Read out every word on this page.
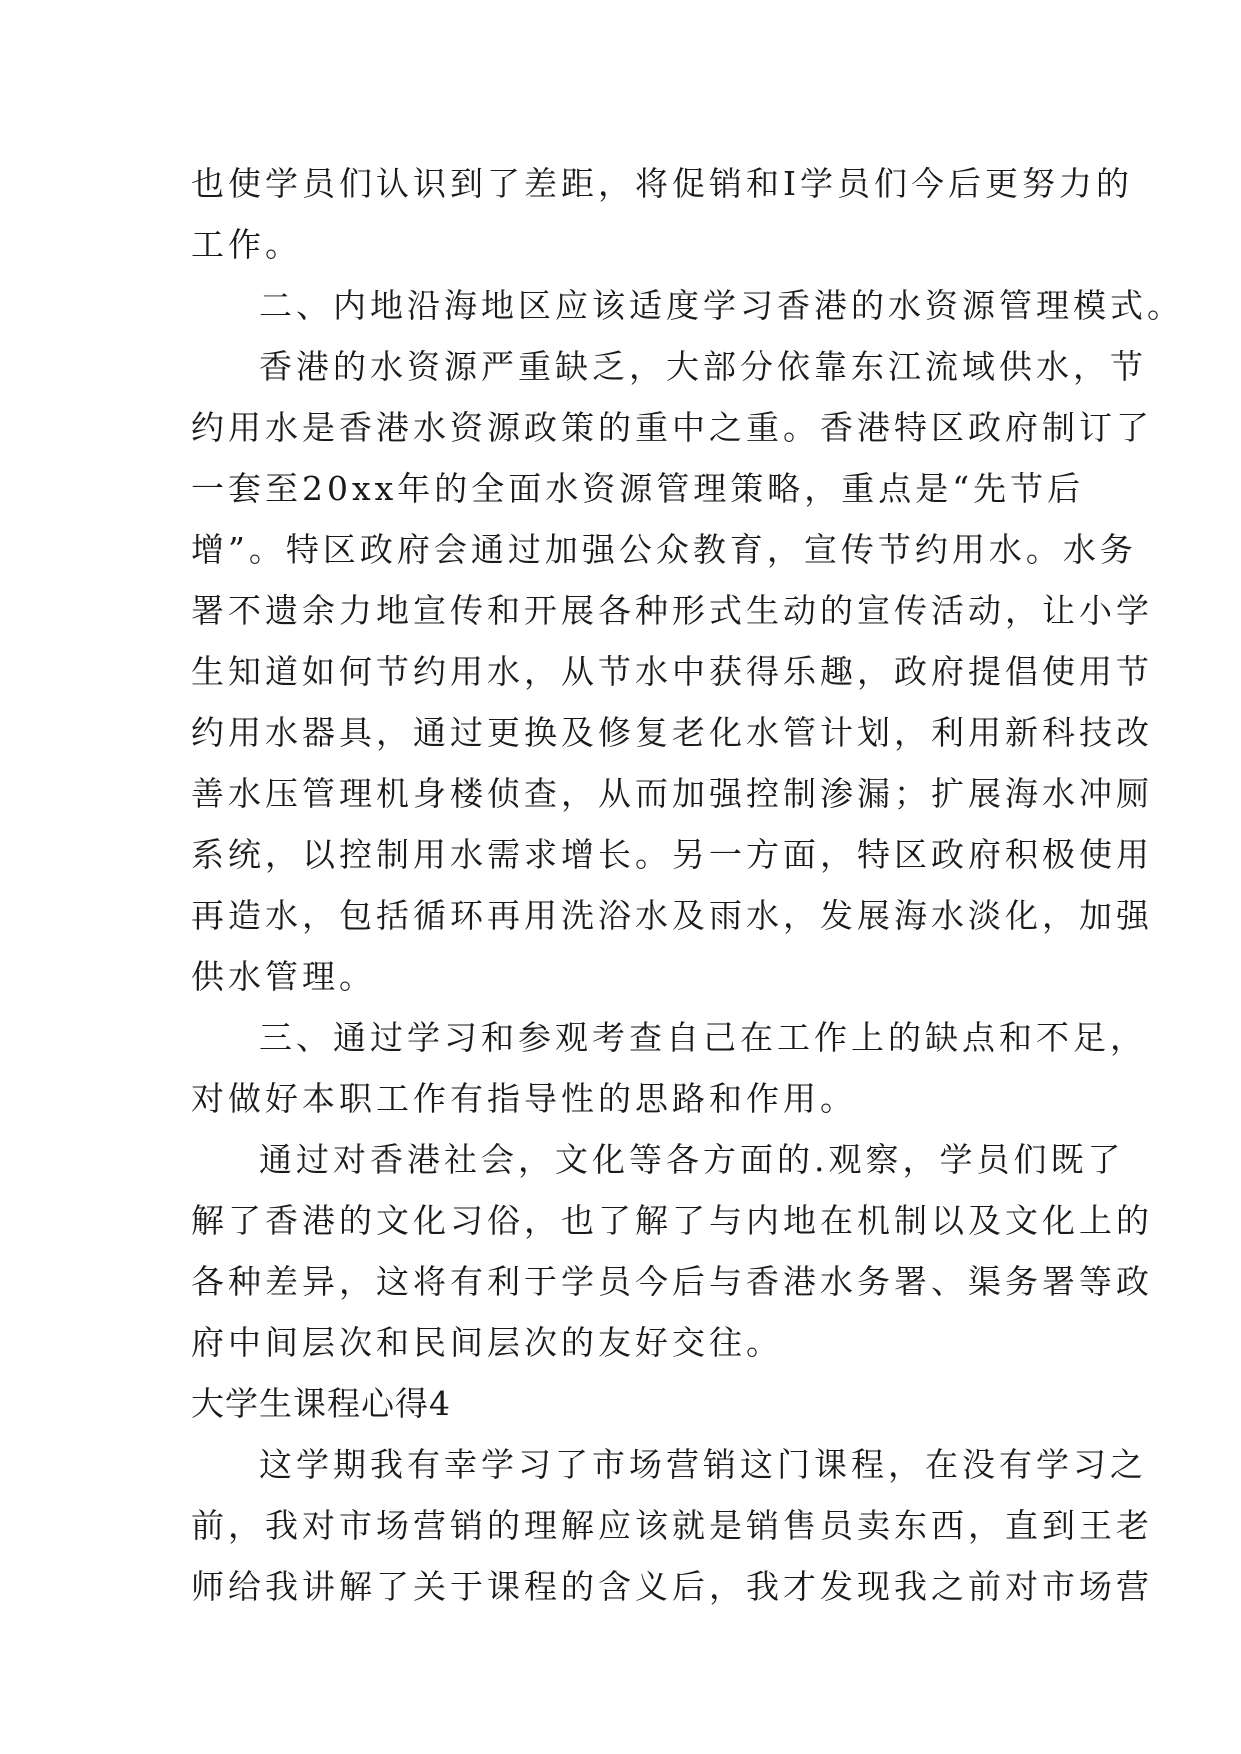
也使学员们认识到了差距，将促销和Ⅰ学员们今后更努力的
工作。
二、内地沿海地区应该适度学习香港的水资源管理模式。
香港的水资源严重缺乏，大部分依靠东江流域供水，节
约用水是香港水资源政策的重中之重。香港特区政府制订了
一套至20xx年的全面水资源管理策略，重点是“先节后
增”。特区政府会通过加强公众教育，宣传节约用水。水务
署不遗余力地宣传和开展各种形式生动的宣传活动，让小学
生知道如何节约用水，从节水中获得乐趣，政府提倡使用节
约用水器具，通过更换及修复老化水管计划，利用新科技改
善水压管理机身楼侦查，从而加强控制渗漏；扩展海水冲厕
系统，以控制用水需求增长。另一方面，特区政府积极使用
再造水，包括循环再用洗浴水及雨水，发展海水淡化，加强
供水管理。
三、通过学习和参观考查自己在工作上的缺点和不足，
对做好本职工作有指导性的思路和作用。
通过对香港社会，文化等各方面的.观察，学员们既了
解了香港的文化习俗，也了解了与内地在机制以及文化上的
各种差异，这将有利于学员今后与香港水务署、渠务署等政
府中间层次和民间层次的友好交往。
大学生课程心得4
这学期我有幸学习了市场营销这门课程，在没有学习之
前，我对市场营销的理解应该就是销售员卖东西，直到王老
师给我讲解了关于课程的含义后，我才发现我之前对市场营
